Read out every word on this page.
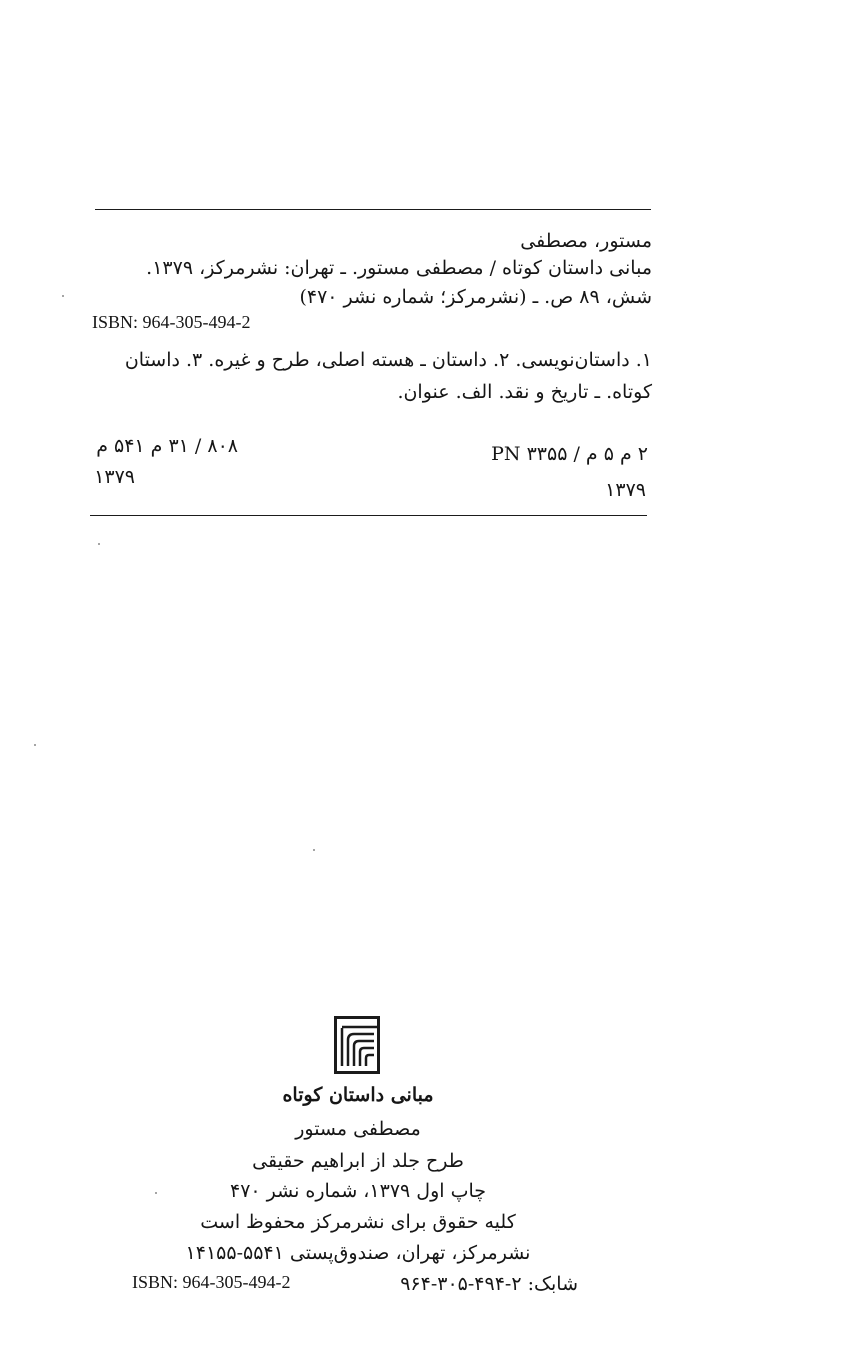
مستور، مصطفی
مبانی داستان کوتاه / مصطفی مستور. ـ تهران: نشرمرکز، ۱۳۷۹.
شش، ۸۹ ص. ـ (نشرمرکز؛ شماره نشر ۴۷۰)
ISBN: 964-305-494-2
۱. داستان‌نویسی. ۲. داستان ـ هسته اصلی، طرح و غیره. ۳. داستان
کوتاه. ـ تاریخ و نقد. الف. عنوان.
۲ م ۵ م / PN ۳۳۵۵
۱۳۷۹
۸۰۸ / ۳۱ م ۵۴۱ م
۱۳۷۹
مبانی داستان کوتاه
مصطفی مستور
طرح جلد از ابراهیم حقیقی
چاپ اول ۱۳۷۹، شماره نشر ۴۷۰
کلیه حقوق برای نشرمرکز محفوظ است
نشرمرکز، تهران، صندوق‌پستی ۵۵۴۱-۱۴۱۵۵
شابک: ۲-۴۹۴-۳۰۵-۹۶۴
ISBN: 964-305-494-2
